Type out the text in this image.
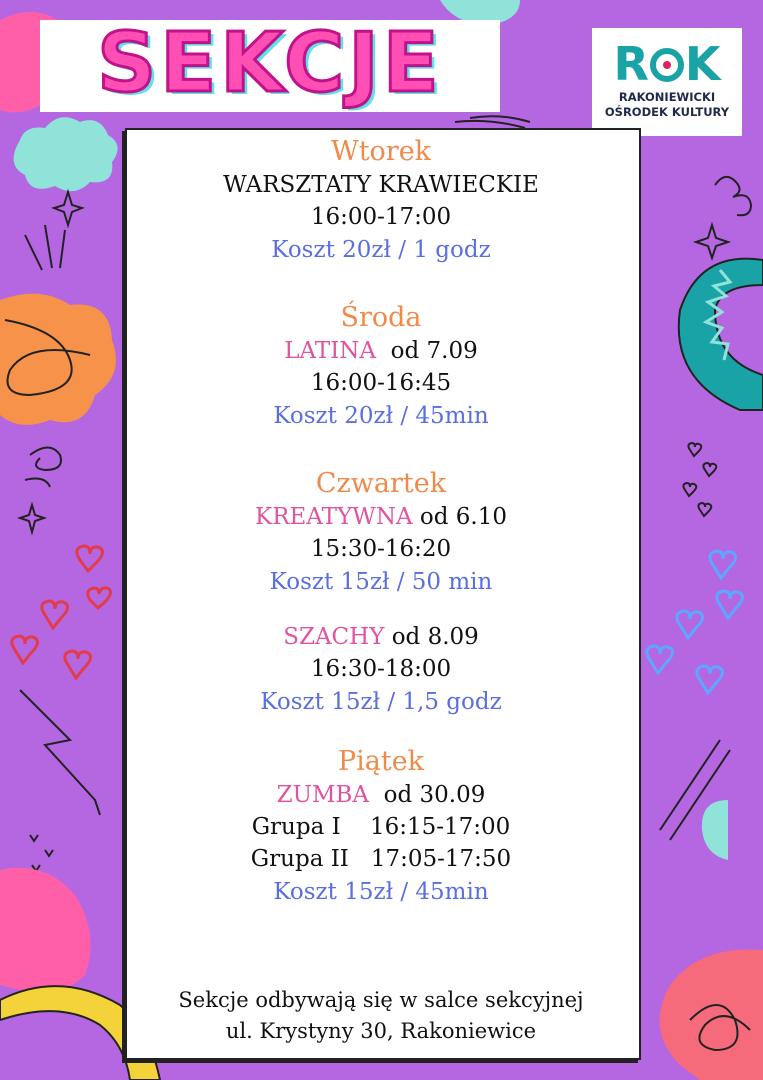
SEKCJE	R K
RAKONIEWICKI
OŚRODEK KULTURY
Wtorek
WARSZTATY KRAWIECKIE
16:00-17:00
Koszt 20zł / 1 godz
Środa
LATINA od 7.09
16:00-16:45
Koszt 20zł / 45min
Czwartek
KREATYWNA od 6.10
15:30-16:20
Koszt 15zł / 50 min
SZACHY od 8.09
16:30-18:00
Koszt 15zł / 1,5 godz
Piątek
ZUMBA od 30.09
Grupa I 16:15-17:00
Grupa II 17:05-17:50
Koszt 15zł / 45min
Sekcje odbywają się w salce sekcyjnej
ul. Krystyny 30, Rakoniewice
